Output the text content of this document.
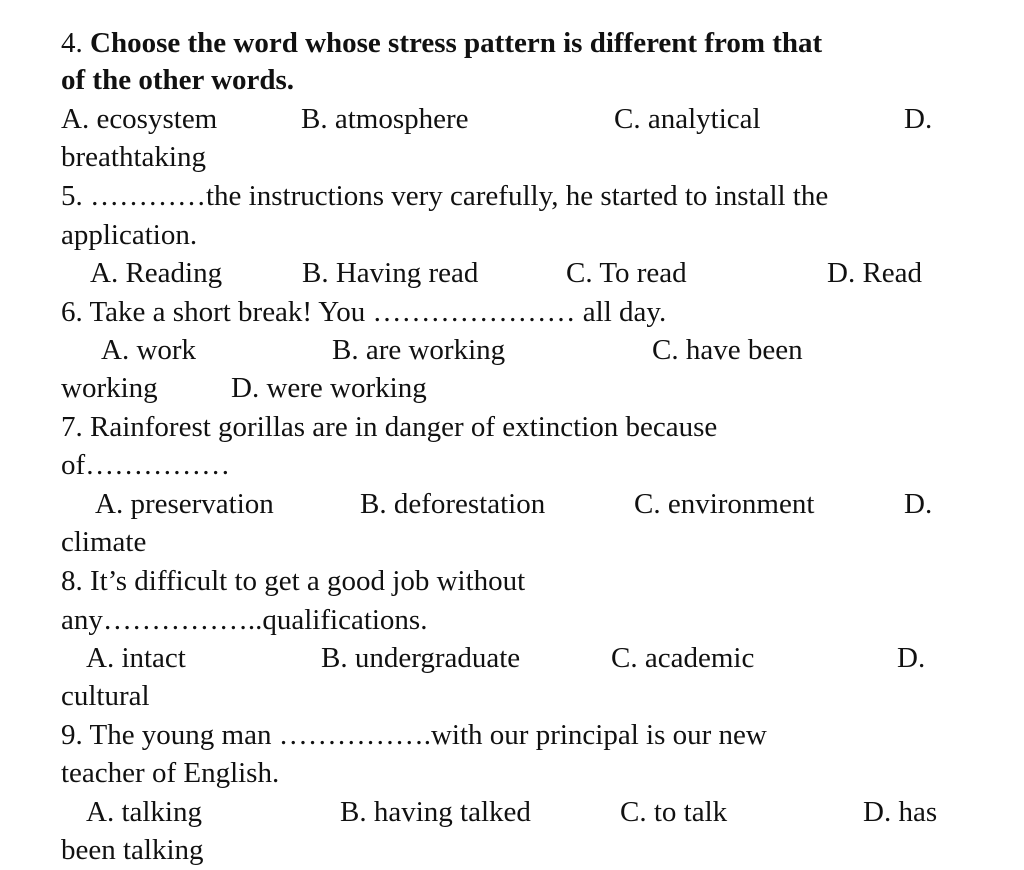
4. Choose the word whose stress pattern is different from that
of the other words.
A. ecosystem	B. atmosphere	C. analytical	D.
breathtaking
5. …………the instructions very carefully, he started to install the
application.
A. Reading	B. Having read	C. To read	D. Read
6. Take a short break! You ………………… all day.
A. work	B. are working	C. have been
working	D. were working
7. Rainforest gorillas are in danger of extinction because
of……………
A. preservation	B. deforestation	C. environment	D.
climate
8. It’s difficult to get a good job without
any……………..qualifications.
A. intact	B. undergraduate	C. academic	D.
cultural
9. The young man …………….with our principal is our new
teacher of English.
A. talking	B. having talked	C. to talk	D. has
been talking
